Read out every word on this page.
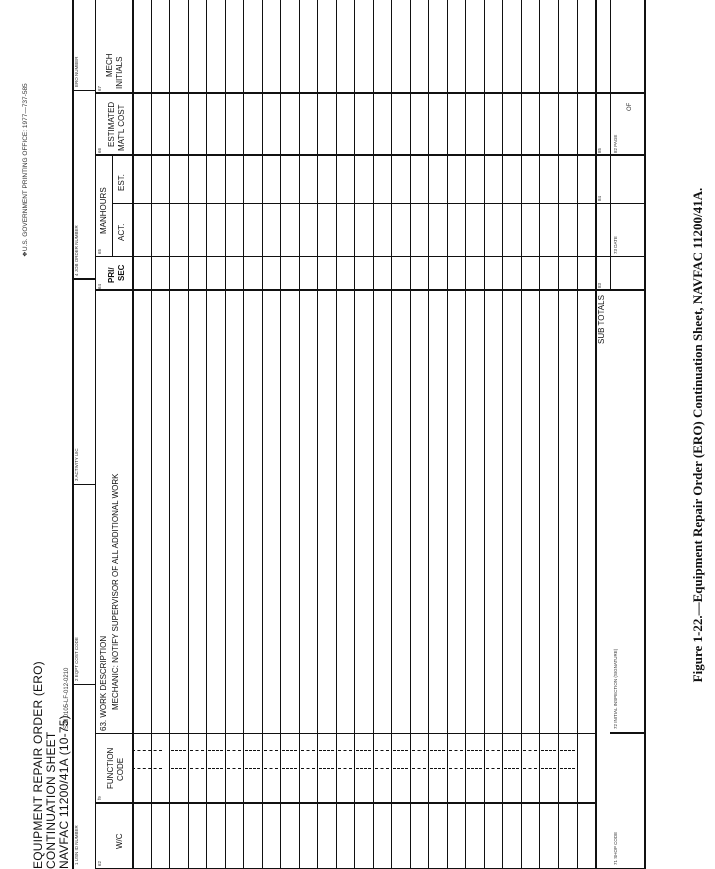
❖U.S. GOVERNMENT PRINTING OFFICE: 1977—737-585
EQUIPMENT REPAIR ORDER (ERO) CONTINUATION SHEET NAVFAC 11200/41A (10-75)
S/N 0105-LF-012-0210
1 USN ID NUMBER
2 EQPT COST CODE
3 ACTIVITY UIC
4 JOB ORDER NUMBER
ERO NUMBER
62
W/C
f9
FUNCTION CODE
63. WORK DESCRIPTION MECHANIC: NOTIFY SUPERVISOR OF ALL ADDITIONAL WORK
64
PRI/ SEC
65
MANHOURS ACT.
EST.
66
ESTIMATED MAT'L COST
67
MECH INITIALS
SUB TOTALS
83
84
85
71 SHOP CODE
72 INITIAL INSPECTION (SIGNATURE)
73 DATE
82 PAGE
OF
Figure 1-22.—Equipment Repair Order (ERO) Continuation Sheet, NAVFAC 11200/41A.
